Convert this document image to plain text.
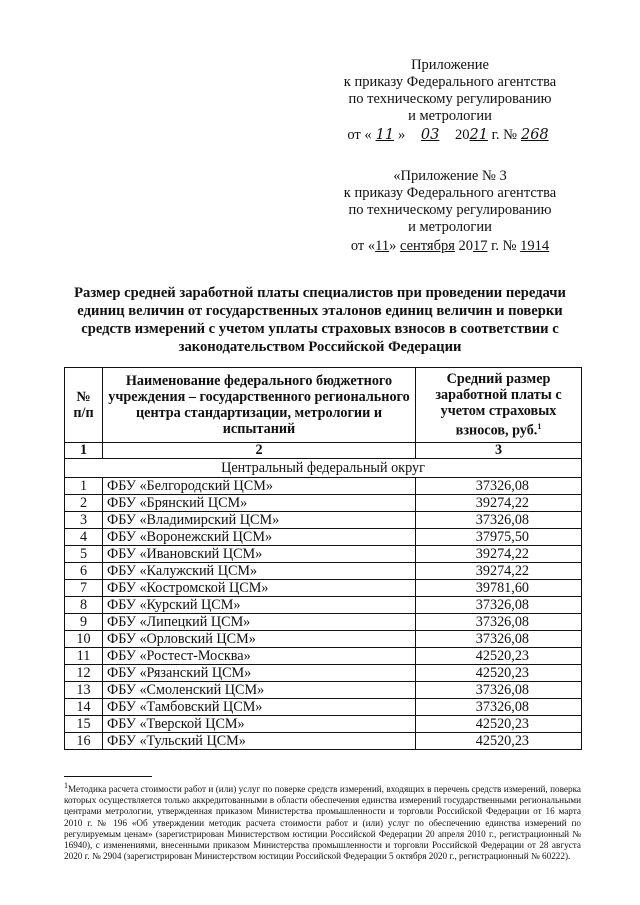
Приложение
к приказу Федерального агентства
по техническому регулированию
и метрологии
от « 11 » 03 2021 г. № 268
«Приложение № 3
к приказу Федерального агентства
по техническому регулированию
и метрологии
от «11» сентября 2017 г. № 1914
Размер средней заработной платы специалистов при проведении передачи единиц величин от государственных эталонов единиц величин и поверки средств измерений с учетом уплаты страховых взносов в соответствии с законодательством Российской Федерации
№ п/п	Наименование федерального бюджетного учреждения – государственного регионального центра стандартизации, метрологии и испытаний	Средний размер заработной платы с учетом страховых взносов, руб.$^1$
1	2	3
Центральный федеральный округ		
1	ФБУ «Белгородский ЦСМ»	37326,08
2	ФБУ «Брянский ЦСМ»	39274,22
3	ФБУ «Владимирский ЦСМ»	37326,08
4	ФБУ «Воронежский ЦСМ»	37975,50
5	ФБУ «Ивановский ЦСМ»	39274,22
6	ФБУ «Калужский ЦСМ»	39274,22
7	ФБУ «Костромской ЦСМ»	39781,60
8	ФБУ «Курский ЦСМ»	37326,08
9	ФБУ «Липецкий ЦСМ»	37326,08
10	ФБУ «Орловский ЦСМ»	37326,08
11	ФБУ «Ростест-Москва»	42520,23
12	ФБУ «Рязанский ЦСМ»	42520,23
13	ФБУ «Смоленский ЦСМ»	37326,08
14	ФБУ «Тамбовский ЦСМ»	37326,08
15	ФБУ «Тверской ЦСМ»	42520,23
16	ФБУ «Тульский ЦСМ»	42520,23
$^1$Методика расчета стоимости работ и (или) услуг по поверке средств измерений, входящих в перечень средств измерений, поверка которых осуществляется только аккредитованными в области обеспечения единства измерений государственными региональными центрами метрологии, утвержденная приказом Министерства промышленности и торговли Российской Федерации от 16 марта 2010 г. № 196 «Об утверждении методик расчета стоимости работ и (или) услуг по обеспечению единства измерений по регулируемым ценам» (зарегистрирован Министерством юстиции Российской Федерации 20 апреля 2010 г., регистрационный № 16940), с изменениями, внесенными приказом Министерства промышленности и торговли Российской Федерации от 28 августа 2020 г. № 2904 (зарегистрирован Министерством юстиции Российской Федерации 5 октября 2020 г., регистрационный № 60222).
